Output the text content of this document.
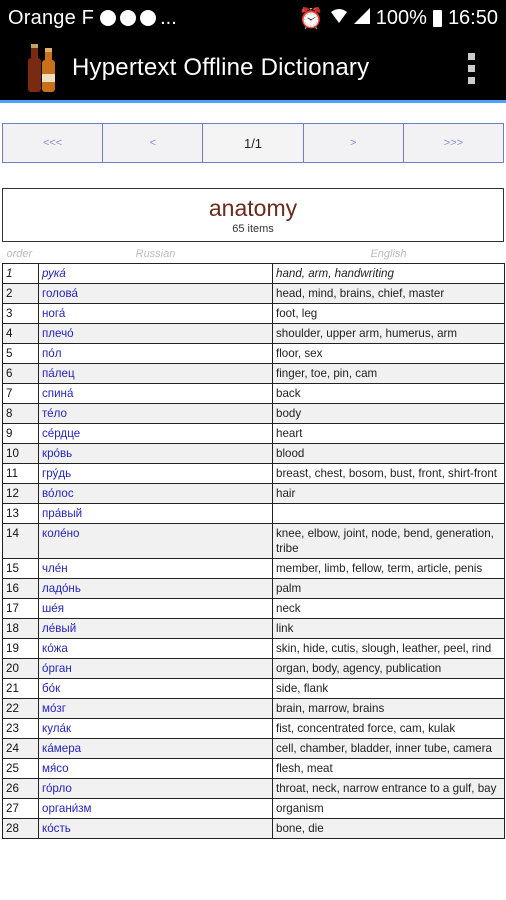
Orange F	...	⏰	100% 16:50
Hypertext Offline Dictionary
<<<	<	1/1	>	>>>
anatomy
65 items
order	Russian	English
1	рука́	hand, arm, handwriting
2	голова́	head, mind, brains, chief, master
3	нога́	foot, leg
4	плечо́	shoulder, upper arm, humerus, arm
5	по́л	floor, sex
6	па́лец	finger, toe, pin, cam
7	спина́	back
8	те́ло	body
9	се́рдце	heart
10	кро́вь	blood
11	гру́дь	breast, chest, bosom, bust, front, shirt-front
12	во́лос	hair
13	пра́вый	
14	коле́но	knee, elbow, joint, node, bend, generation, tribe
15	чле́н	member, limb, fellow, term, article, penis
16	ладо́нь	palm
17	ше́я	neck
18	ле́вый	link
19	ко́жа	skin, hide, cutis, slough, leather, peel, rind
20	о́рган	organ, body, agency, publication
21	бо́к	side, flank
22	мо́зг	brain, marrow, brains
23	кула́к	fist, concentrated force, cam, kulak
24	ка́мера	cell, chamber, bladder, inner tube, camera
25	мя́со	flesh, meat
26	го́рло	throat, neck, narrow entrance to a gulf, bay
27	органи́зм	organism
28	ко́сть	bone, die
